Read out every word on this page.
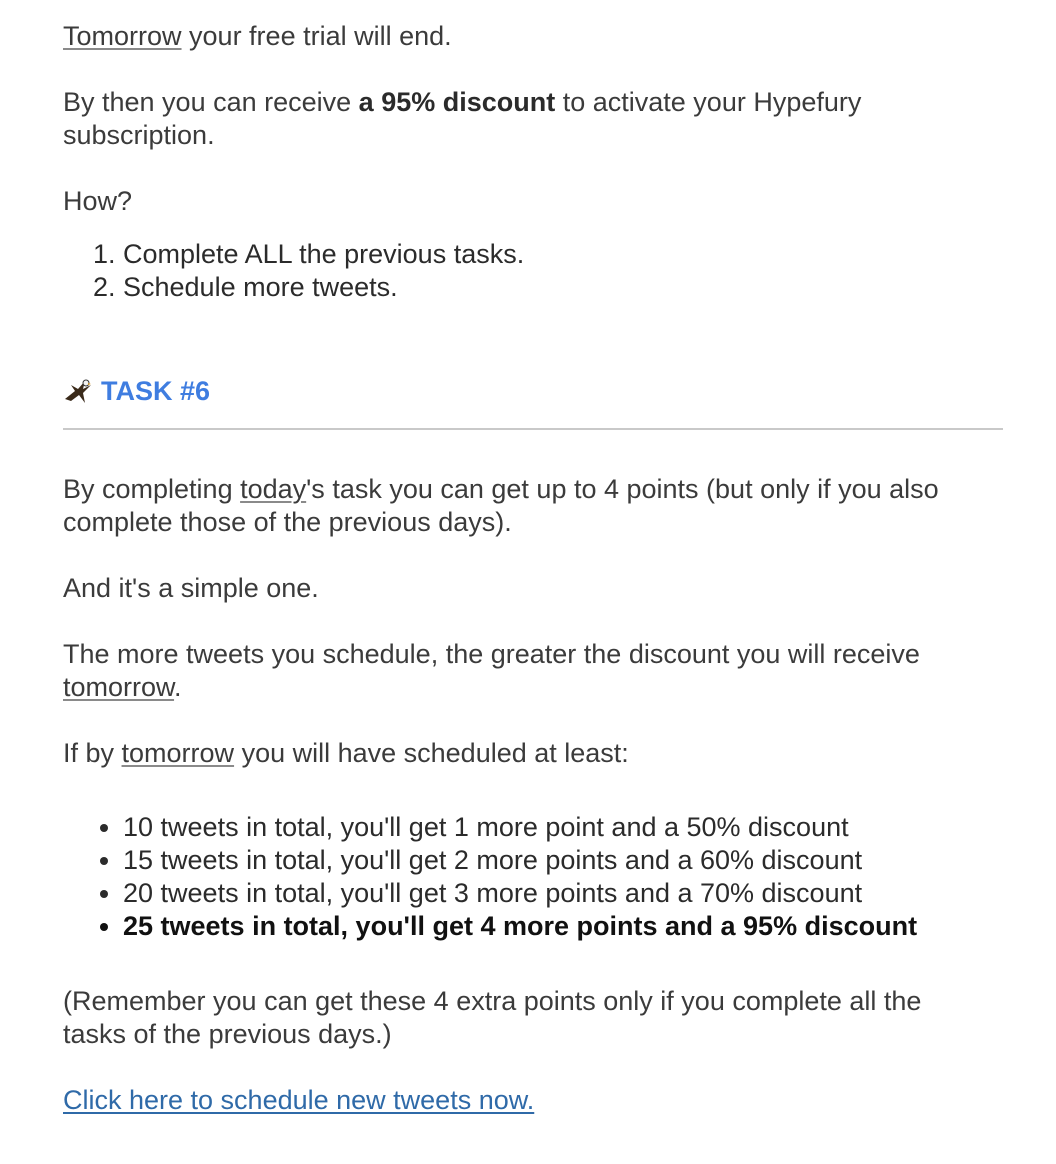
Tomorrow your free trial will end.

By then you can receive a 95% discount to activate your Hypefury subscription.

How?

1. Complete ALL the previous tasks.
2. Schedule more tweets.
TASK #6

By completing today's task you can get up to 4 points (but only if you also complete those of the previous days).

And it's a simple one.

The more tweets you schedule, the greater the discount you will receive tomorrow.

If by tomorrow you will have scheduled at least:

• 10 tweets in total, you'll get 1 more point and a 50% discount
• 15 tweets in total, you'll get 2 more points and a 60% discount
• 20 tweets in total, you'll get 3 more points and a 70% discount
• 25 tweets in total, you'll get 4 more points and a 95% discount

(Remember you can get these 4 extra points only if you complete all the tasks of the previous days.)

Click here to schedule new tweets now.
